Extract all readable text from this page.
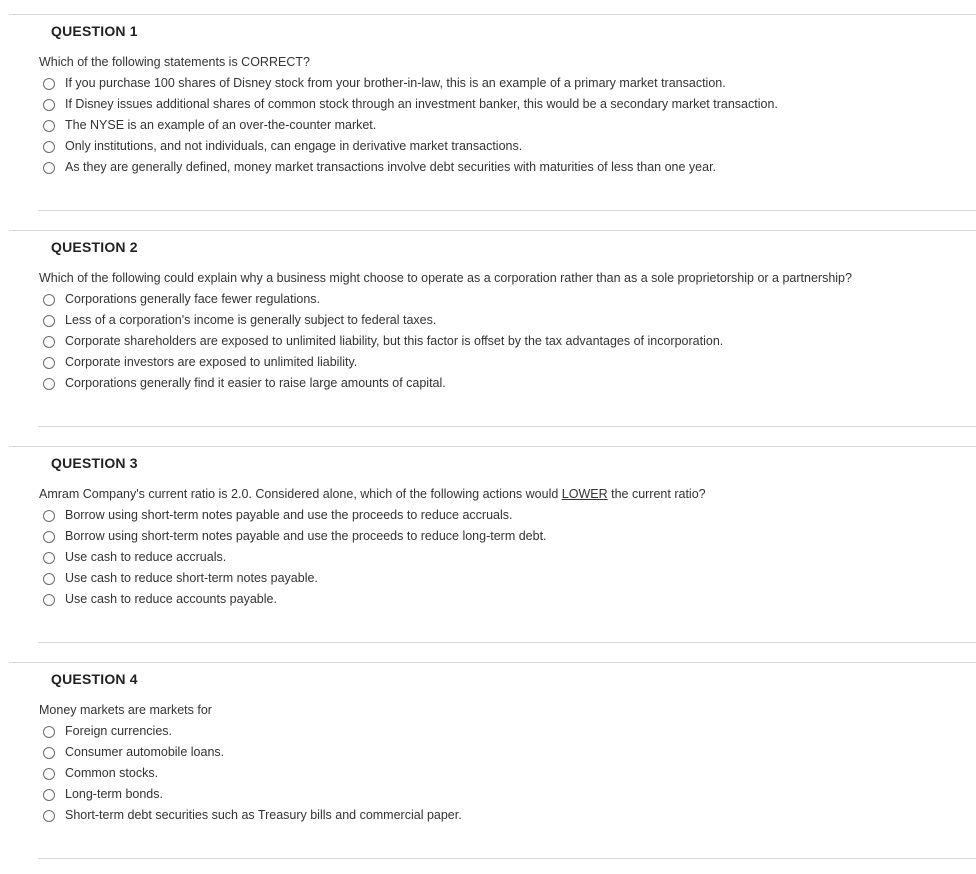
QUESTION 1
Which of the following statements is CORRECT?
If you purchase 100 shares of Disney stock from your brother-in-law, this is an example of a primary market transaction.
If Disney issues additional shares of common stock through an investment banker, this would be a secondary market transaction.
The NYSE is an example of an over-the-counter market.
Only institutions, and not individuals, can engage in derivative market transactions.
As they are generally defined, money market transactions involve debt securities with maturities of less than one year.
QUESTION 2
Which of the following could explain why a business might choose to operate as a corporation rather than as a sole proprietorship or a partnership?
Corporations generally face fewer regulations.
Less of a corporation's income is generally subject to federal taxes.
Corporate shareholders are exposed to unlimited liability, but this factor is offset by the tax advantages of incorporation.
Corporate investors are exposed to unlimited liability.
Corporations generally find it easier to raise large amounts of capital.
QUESTION 3
Amram Company's current ratio is 2.0. Considered alone, which of the following actions would LOWER the current ratio?
Borrow using short-term notes payable and use the proceeds to reduce accruals.
Borrow using short-term notes payable and use the proceeds to reduce long-term debt.
Use cash to reduce accruals.
Use cash to reduce short-term notes payable.
Use cash to reduce accounts payable.
QUESTION 4
Money markets are markets for
Foreign currencies.
Consumer automobile loans.
Common stocks.
Long-term bonds.
Short-term debt securities such as Treasury bills and commercial paper.
